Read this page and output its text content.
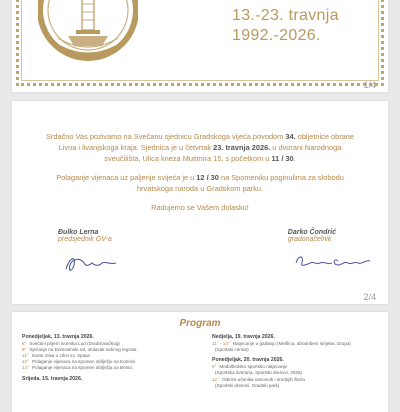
13.-23. travnja
1992.-2026.
1/4

Srdačno Vas pozivamo na Svečanu sjednicu Gradskoga vijeća povodom 34. obljetnice obrane Livna i livanjskoga kraja. Sjednica je u četvrtak 23. travnja 2026. u dvorani Narodnoga sveučilišta, Ulica kneza Mutimira 15, s početkom u 11 / 30.

Polaganje vijenaca uz paljenje svijeća je u 12 / 30 na Spomeniku poginulima za slobodu hrvatskoga naroda u Gradskom parku.

Radujemo se Vašem dolasku!

Đulko Lerna
predsjednik GV-a
Darko Čondrić
gradonačelnik
2/4
Program
Ponedjeljak, 13. travnja 2026.
8° Svečani prijem tvornika Lud (Doubrovačkog)
9° Sjećanje na Domovinski rat, obilazak sobnog tegrata
11° Sveta misa u crkvi sv. Spasa
12° Polaganje vijenaca na spomen obilježju na Koricini
14° Polaganje vijenaca na spomen obilježja na Brinici
Srijeda, 15. travnja 2026.
Nedjelja, 19. travnja 2026.
11° - 14° Natjecanje u gađanju (Mešlica, obrambeni strijelac Grupa)
(Sportski centar)
Ponedjeljak, 20. travnja 2026.
9° Međuškolsko sportsko natjecanje
(Sportska dvorana, Sportski dresovi, 2026)
12° Otkriće učenika osnovnih i srednjih škola
(Sportski dresovi, Gradski park)
